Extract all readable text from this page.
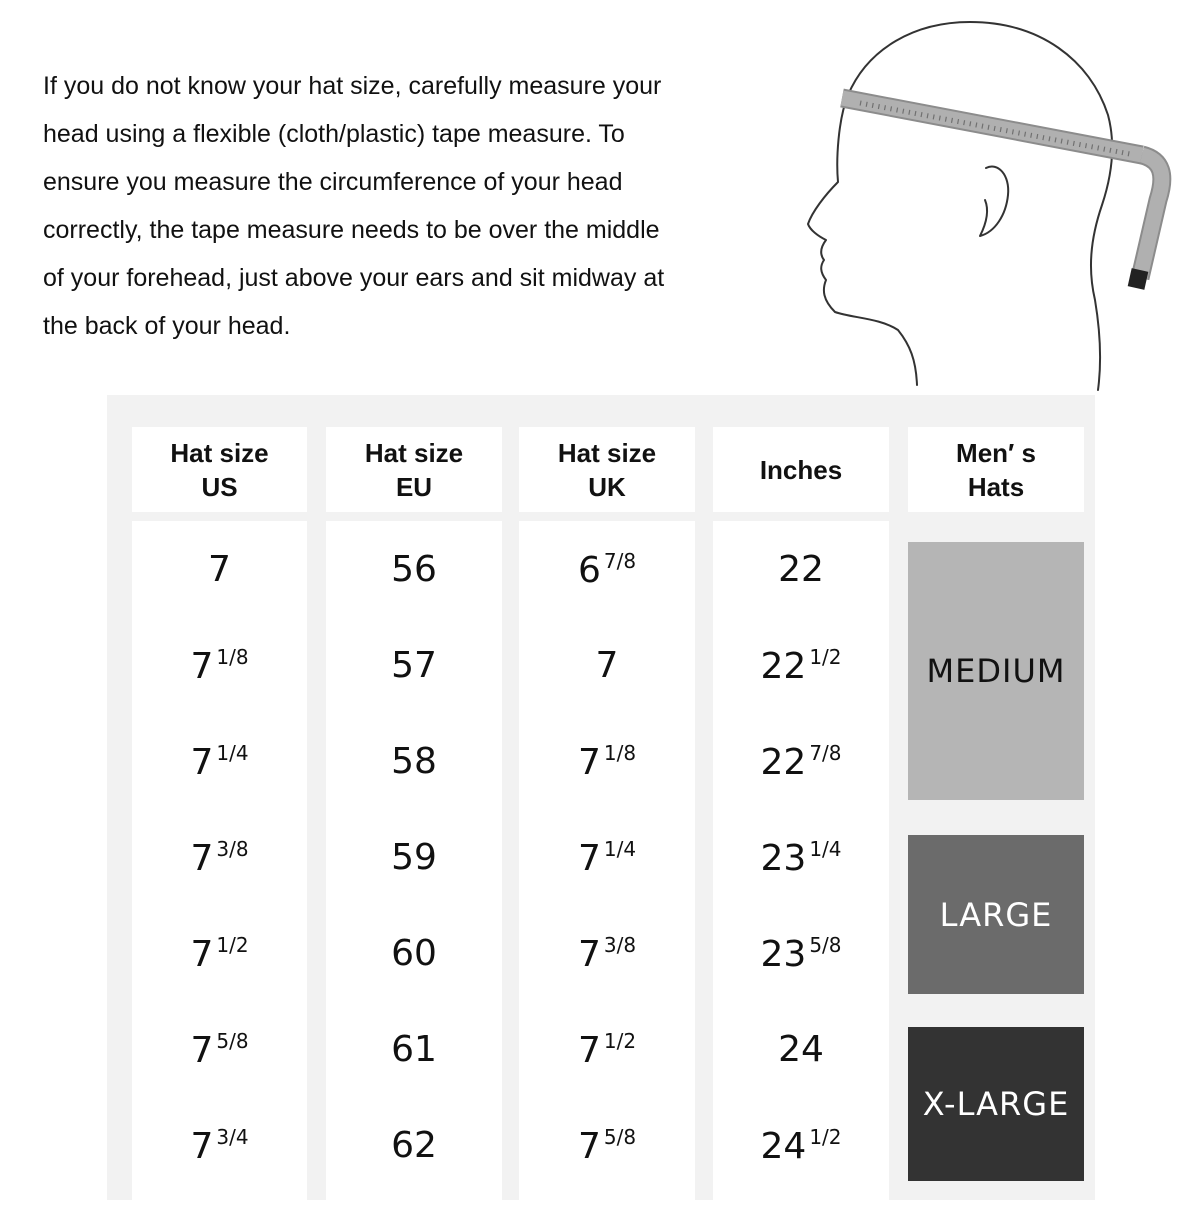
If you do not know your hat size, carefully measure your
head using a flexible (cloth/plastic) tape measure. To
ensure you measure the circumference of your head
correctly, the tape measure needs to be over the middle
of your forehead, just above your ears and sit midway at
the back of your head.
Hat size
US
Hat size
EU
Hat size
UK
Inches
Men′ s
Hats
7
7 $^{1/8}$
7 $^{1/4}$
7 $^{3/8}$
7 $^{1/2}$
7 $^{5/8}$
7 $^{3/4}$
56
57
58
59
60
61
62
6 $^{7/8}$
7
7 $^{1/8}$
7 $^{1/4}$
7 $^{3/8}$
7 $^{1/2}$
7 $^{5/8}$
22
22 $^{1/2}$
22 $^{7/8}$
23 $^{1/4}$
23 $^{5/8}$
24
24 $^{1/2}$
MEDIUM
LARGE
X-LARGE
